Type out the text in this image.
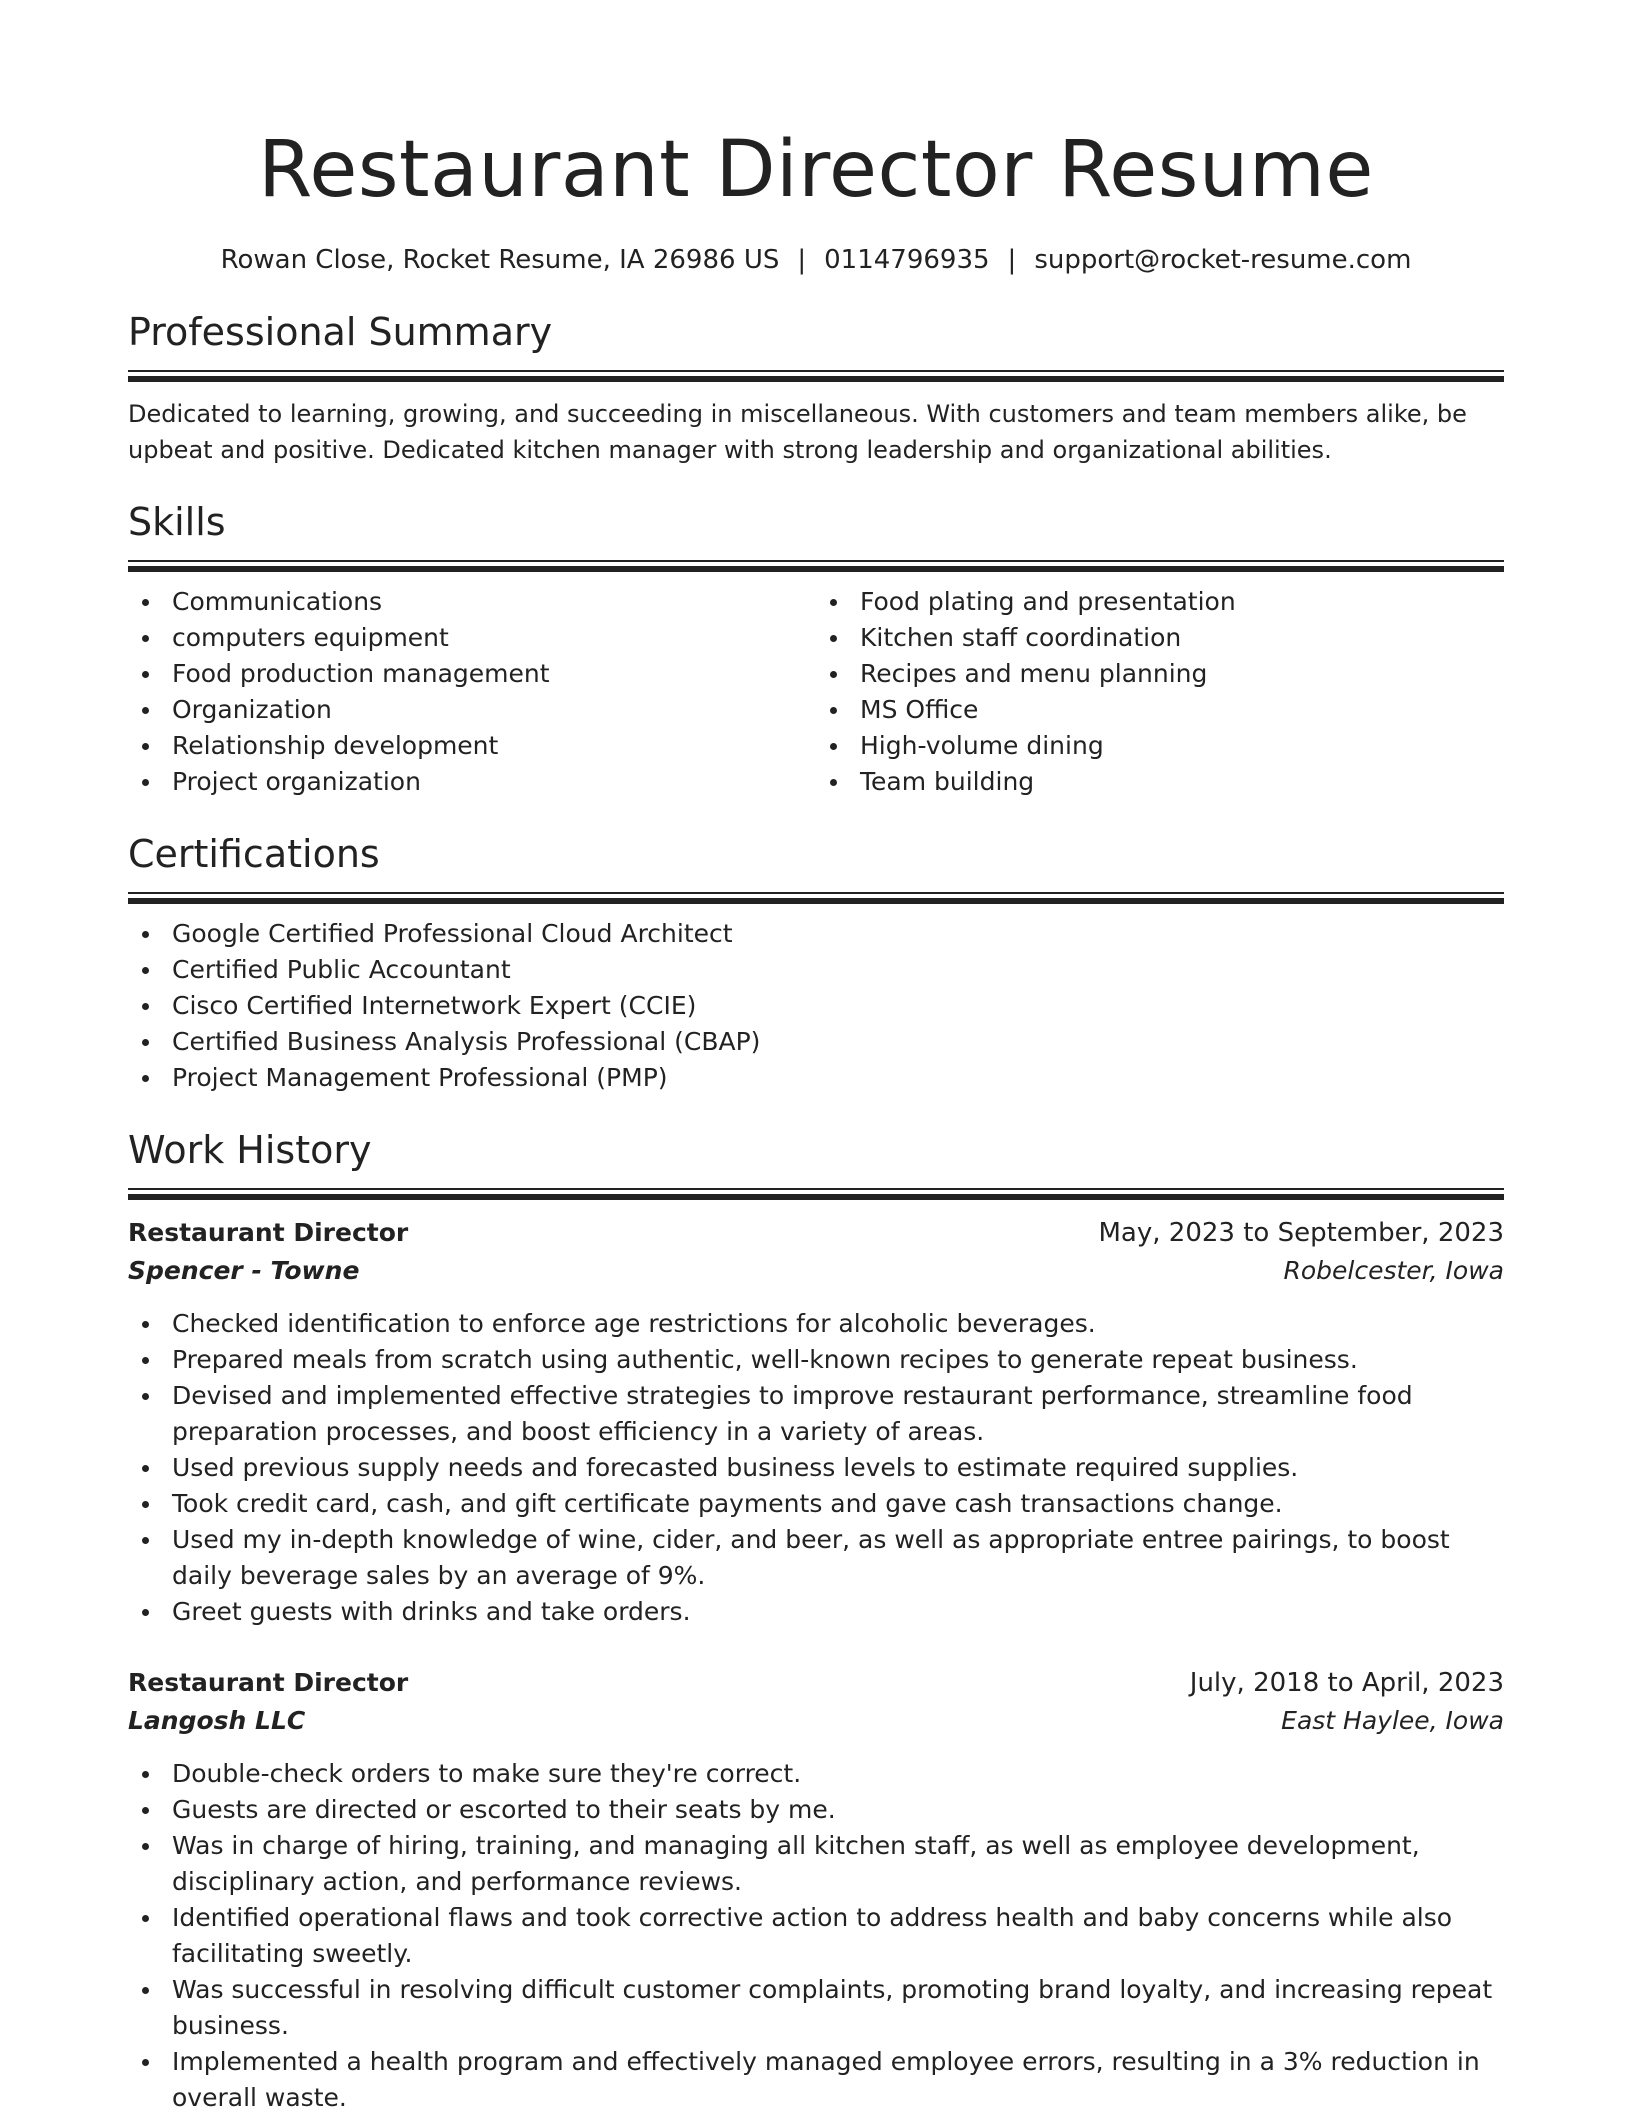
Restaurant Director Resume
Rowan Close, Rocket Resume, IA 26986 US | 0114796935 | support@rocket-resume.com
Professional Summary
Dedicated to learning, growing, and succeeding in miscellaneous. With customers and team members alike, be upbeat and positive. Dedicated kitchen manager with strong leadership and organizational abilities.
Skills
Communications
computers equipment
Food production management
Organization
Relationship development
Project organization
Food plating and presentation
Kitchen staff coordination
Recipes and menu planning
MS Office
High-volume dining
Team building
Certifications
Google Certified Professional Cloud Architect
Certified Public Accountant
Cisco Certified Internetwork Expert (CCIE)
Certified Business Analysis Professional (CBAP)
Project Management Professional (PMP)
Work History
Restaurant Director	May, 2023 to September, 2023
Spencer - Towne	Robelcester, Iowa
Checked identification to enforce age restrictions for alcoholic beverages.
Prepared meals from scratch using authentic, well-known recipes to generate repeat business.
Devised and implemented effective strategies to improve restaurant performance, streamline food preparation processes, and boost efficiency in a variety of areas.
Used previous supply needs and forecasted business levels to estimate required supplies.
Took credit card, cash, and gift certificate payments and gave cash transactions change.
Used my in-depth knowledge of wine, cider, and beer, as well as appropriate entree pairings, to boost daily beverage sales by an average of 9%.
Greet guests with drinks and take orders.
Restaurant Director	July, 2018 to April, 2023
Langosh LLC	East Haylee, Iowa
Double-check orders to make sure they're correct.
Guests are directed or escorted to their seats by me.
Was in charge of hiring, training, and managing all kitchen staff, as well as employee development, disciplinary action, and performance reviews.
Identified operational flaws and took corrective action to address health and baby concerns while also facilitating sweetly.
Was successful in resolving difficult customer complaints, promoting brand loyalty, and increasing repeat business.
Implemented a health program and effectively managed employee errors, resulting in a 3% reduction in overall waste.
